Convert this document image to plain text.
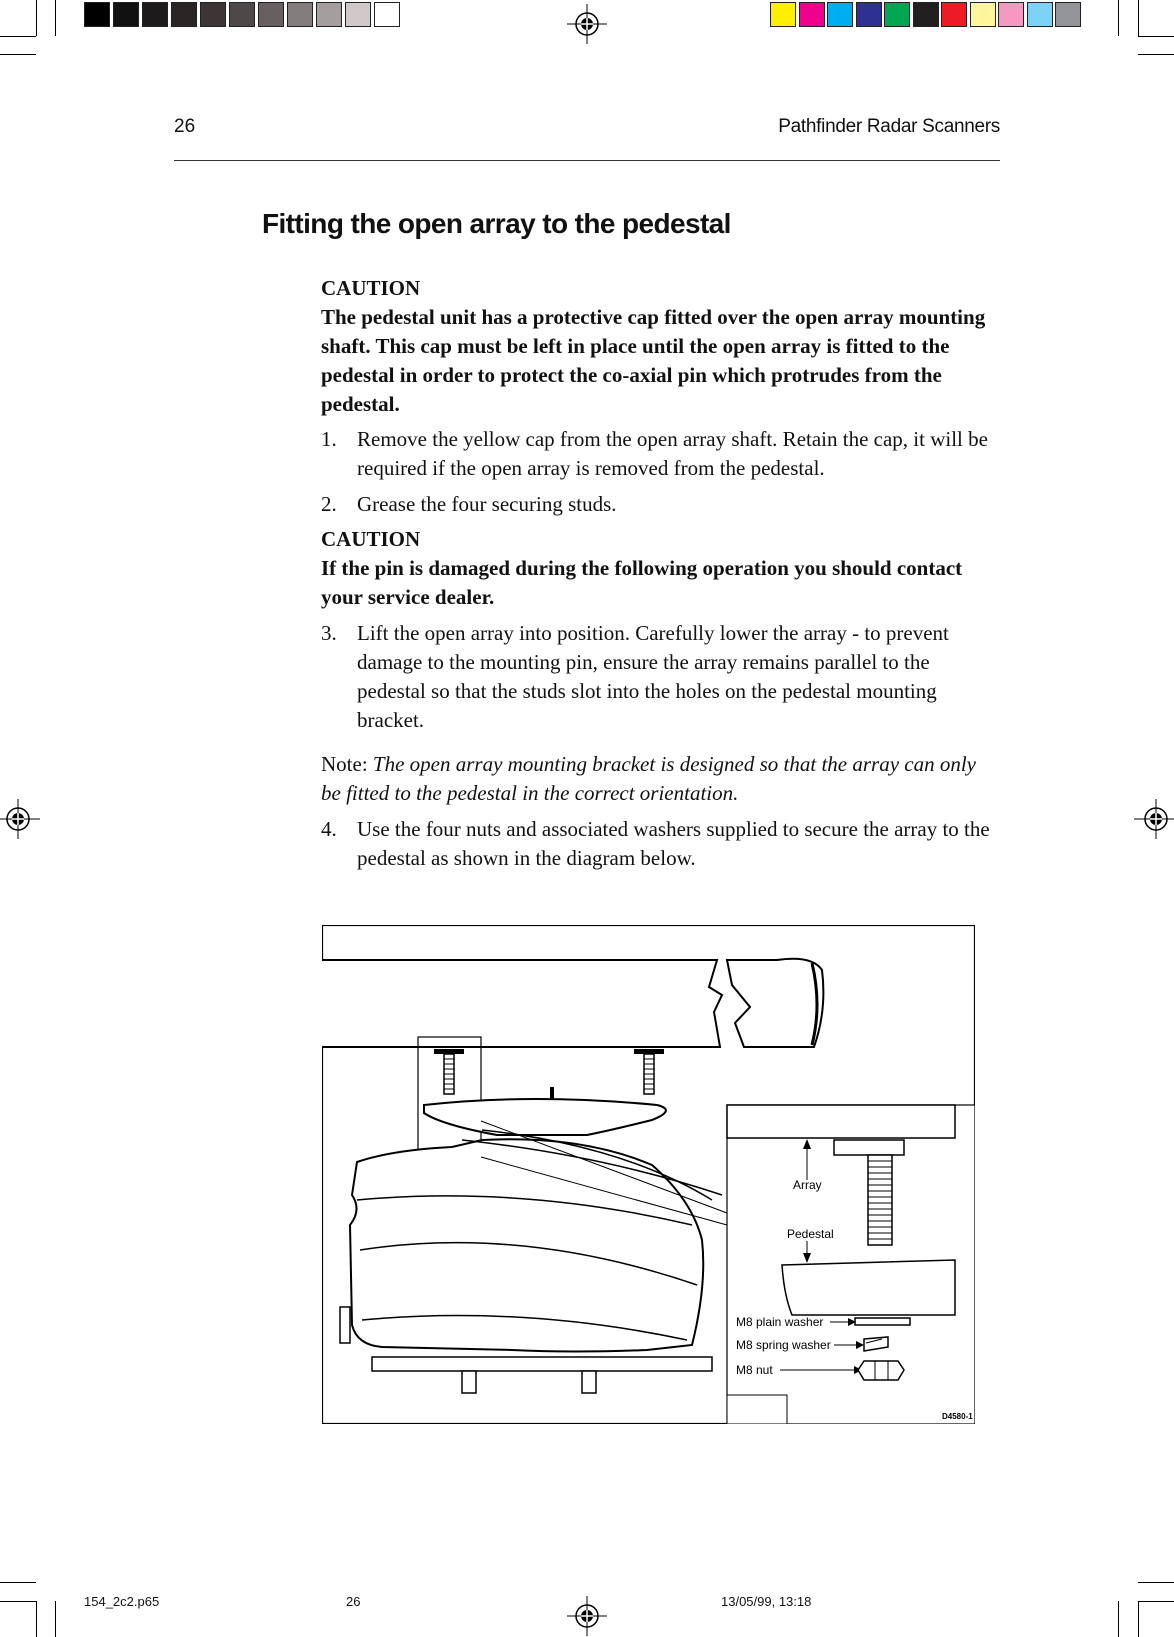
26	Pathfinder Radar Scanners
Fitting the open array to the pedestal
CAUTION
The pedestal unit has a protective cap fitted over the open array mounting shaft. This cap must be left in place until the open array is fitted to the pedestal in order to protect the co-axial pin which protrudes from the pedestal.
1. Remove the yellow cap from the open array shaft. Retain the cap, it will be required if the open array is removed from the pedestal.
2. Grease the four securing studs.
CAUTION
If the pin is damaged during the following operation you should contact your service dealer.
3. Lift the open array into position. Carefully lower the array - to prevent damage to the mounting pin, ensure the array remains parallel to the pedestal so that the studs slot into the holes on the pedestal mounting bracket.
Note: The open array mounting bracket is designed so that the array can only be fitted to the pedestal in the correct orientation.
4. Use the four nuts and associated washers supplied to secure the array to the pedestal as shown in the diagram below.
Array
Pedestal
M8 plain washer
M8 spring washer
M8 nut
D4580-1
154_2c2.p65	26	13/05/99, 13:18
